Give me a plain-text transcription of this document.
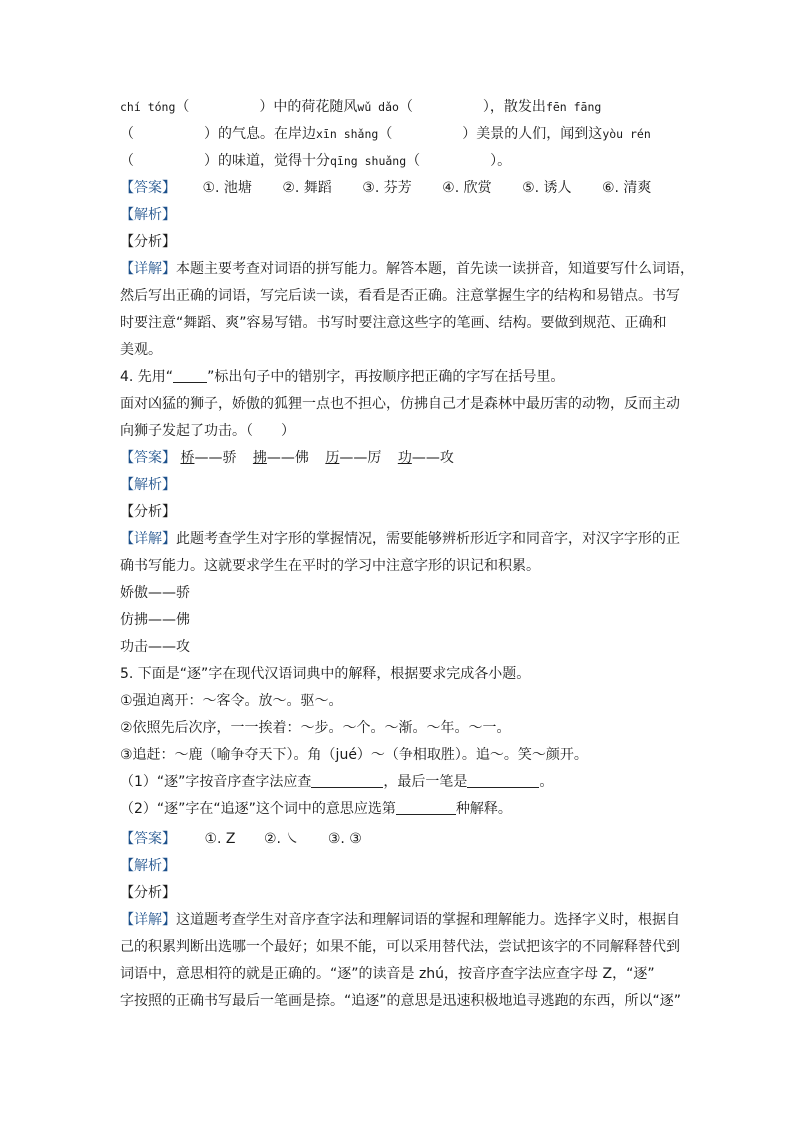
chí tóng（　　　　　）中的荷花随风wǔ dǎo（　　　　　），散发出fēn fāng
（　　　　　）的气息。在岸边xīn shǎng（　　　　　）美景的人们，闻到这yòu rén
（　　　　　）的味道，觉得十分qīng shuǎng（　　　　　）。
【答案】 ①. 池塘 ②. 舞蹈 ③. 芬芳 ④. 欣赏 ⑤. 诱人 ⑥. 清爽
【解析】
【分析】
【详解】本题主要考查对词语的拼写能力。解答本题，首先读一读拼音，知道要写什么词语，
然后写出正确的词语，写完后读一读，看看是否正确。注意掌握生字的结构和易错点。书写
时要注意“舞蹈、爽”容易写错。书写时要注意这些字的笔画、结构。要做到规范、正确和
美观。
4. 先用“ ”标出句子中的错别字，再按顺序把正确的字写在括号里。
面对凶猛的狮子，娇傲的狐狸一点也不担心，仿拂自己才是森林中最历害的动物，反而主动
向狮子发起了功击。（　　）
【答案】 桥——骄 拂——佛 历——厉 功——攻
【解析】
【分析】
【详解】此题考查学生对字形的掌握情况，需要能够辨析形近字和同音字，对汉字字形的正
确书写能力。这就要求学生在平时的学习中注意字形的识记和积累。
娇傲——骄
仿拂——佛
功击——攻
5. 下面是“逐”字在现代汉语词典中的解释，根据要求完成各小题。
①强迫离开：～客令。放～。驱～。
②依照先后次序，一一挨着：～步。～个。～渐。～年。～一。
③追赶：～鹿（喻争夺天下）。角（jué）～（争相取胜）。追～。笑～颜开。
（1）“逐”字按音序查字法应查	，最后一笔是	。
（2）“逐”字在“追逐”这个词中的意思应选第	种解释。
【答案】 ①. Z ②. ㇏ ③. ③
【解析】
【分析】
【详解】这道题考查学生对音序查字法和理解词语的掌握和理解能力。选择字义时，根据自
己的积累判断出选哪一个最好；如果不能，可以采用替代法，尝试把该字的不同解释替代到
词语中，意思相符的就是正确的。“逐”的读音是 zhú，按音序查字法应查字母 Z，“逐”
字按照的正确书写最后一笔画是捺。“追逐”的意思是迅速积极地追寻逃跑的东西，所以“逐”
